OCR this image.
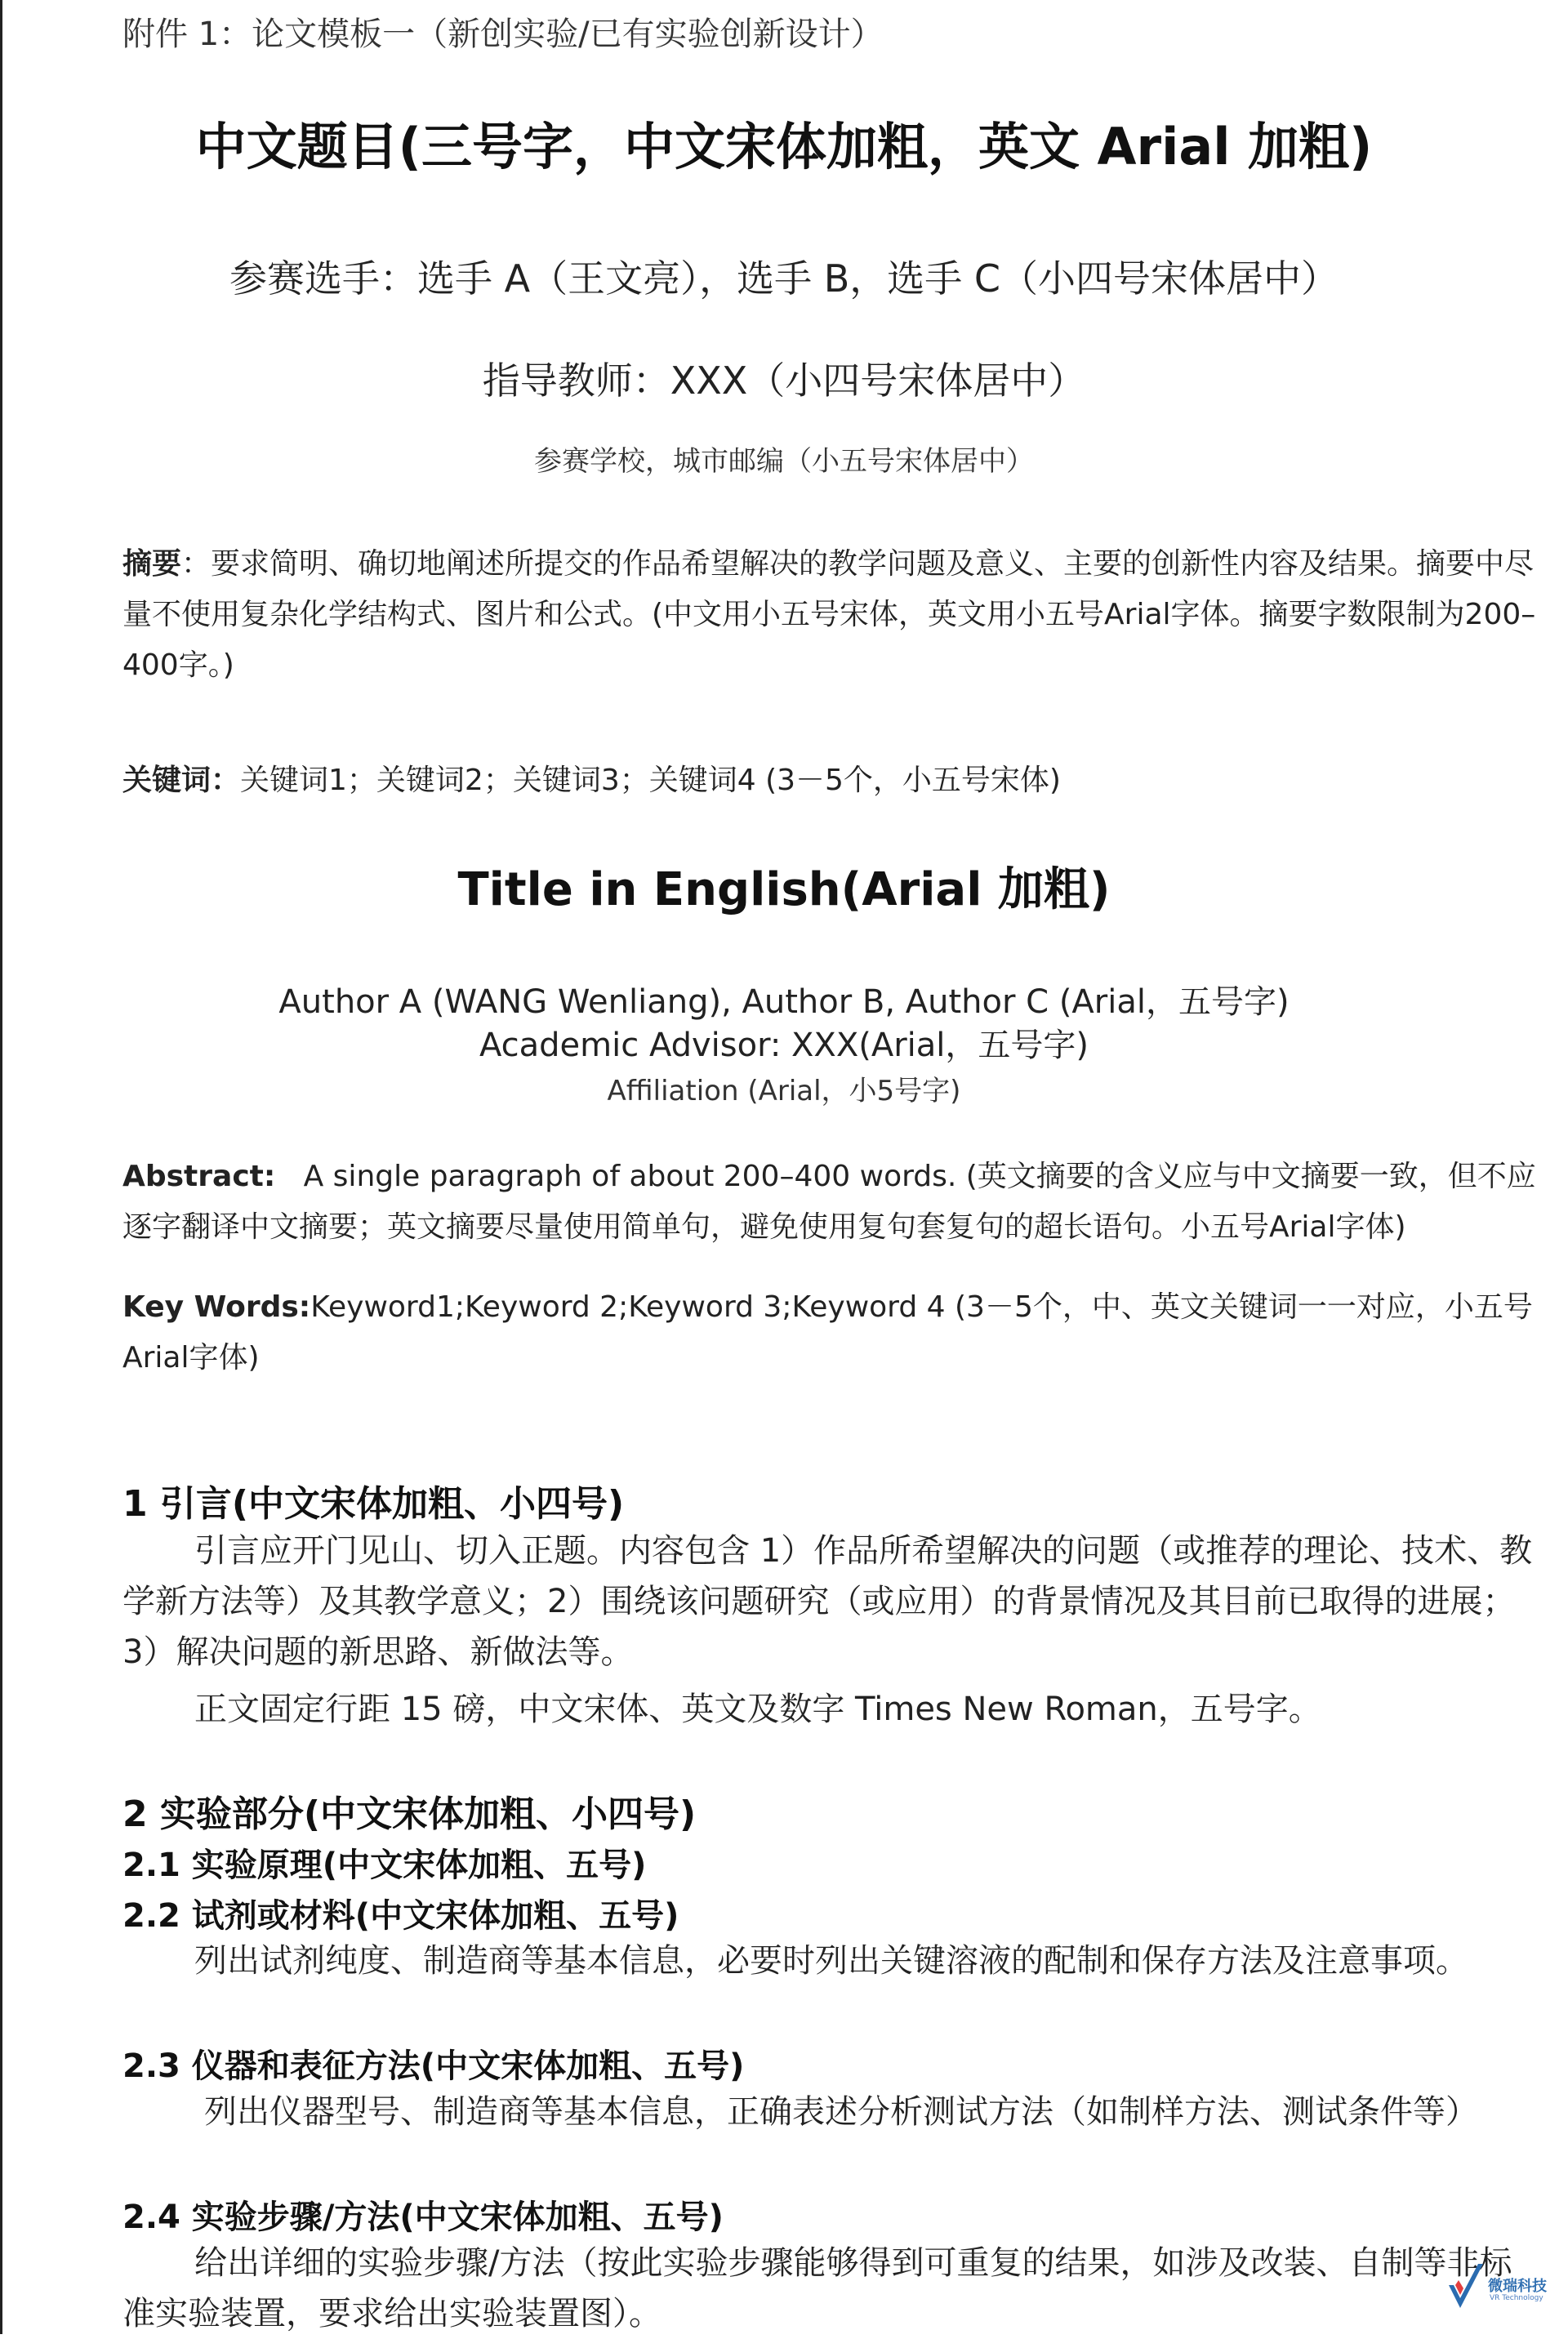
附件 1：论文模板一（新创实验/已有实验创新设计）
中文题目(三号字，中文宋体加粗，英文 Arial 加粗)
参赛选手：选手 A（王文亮），选手 B，选手 C（小四号宋体居中）
指导教师：XXX（小四号宋体居中）
参赛学校，城市邮编（小五号宋体居中）
摘要：要求简明、确切地阐述所提交的作品希望解决的教学问题及意义、主要的创新性内容及结果。摘要中尽量不使用复杂化学结构式、图片和公式。(中文用小五号宋体，英文用小五号Arial字体。摘要字数限制为200–400字。)
关键词：关键词1；关键词2；关键词3；关键词4 (3－5个，小五号宋体)
Title in English(Arial 加粗)
Author A (WANG Wenliang), Author B, Author C (Arial，五号字)
Academic Advisor: XXX(Arial，五号字)
Affiliation (Arial，小5号字)
Abstract: A single paragraph of about 200–400 words. (英文摘要的含义应与中文摘要一致，但不应逐字翻译中文摘要；英文摘要尽量使用简单句，避免使用复句套复句的超长语句。小五号Arial字体)
Key Words:Keyword1;Keyword 2;Keyword 3;Keyword 4 (3－5个，中、英文关键词一一对应，小五号Arial字体)
1 引言(中文宋体加粗、小四号)
引言应开门见山、切入正题。内容包含 1）作品所希望解决的问题（或推荐的理论、技术、教学新方法等）及其教学意义；2）围绕该问题研究（或应用）的背景情况及其目前已取得的进展；3）解决问题的新思路、新做法等。
正文固定行距 15 磅，中文宋体、英文及数字 Times New Roman，五号字。
2 实验部分(中文宋体加粗、小四号)
2.1 实验原理(中文宋体加粗、五号)
2.2 试剂或材料(中文宋体加粗、五号)
列出试剂纯度、制造商等基本信息，必要时列出关键溶液的配制和保存方法及注意事项。
2.3 仪器和表征方法(中文宋体加粗、五号)
列出仪器型号、制造商等基本信息，正确表述分析测试方法（如制样方法、测试条件等）
2.4 实验步骤/方法(中文宋体加粗、五号)
给出详细的实验步骤/方法（按此实验步骤能够得到可重复的结果，如涉及改装、自制等非标准实验装置，要求给出实验装置图）。
微瑞科技
VR Technology
